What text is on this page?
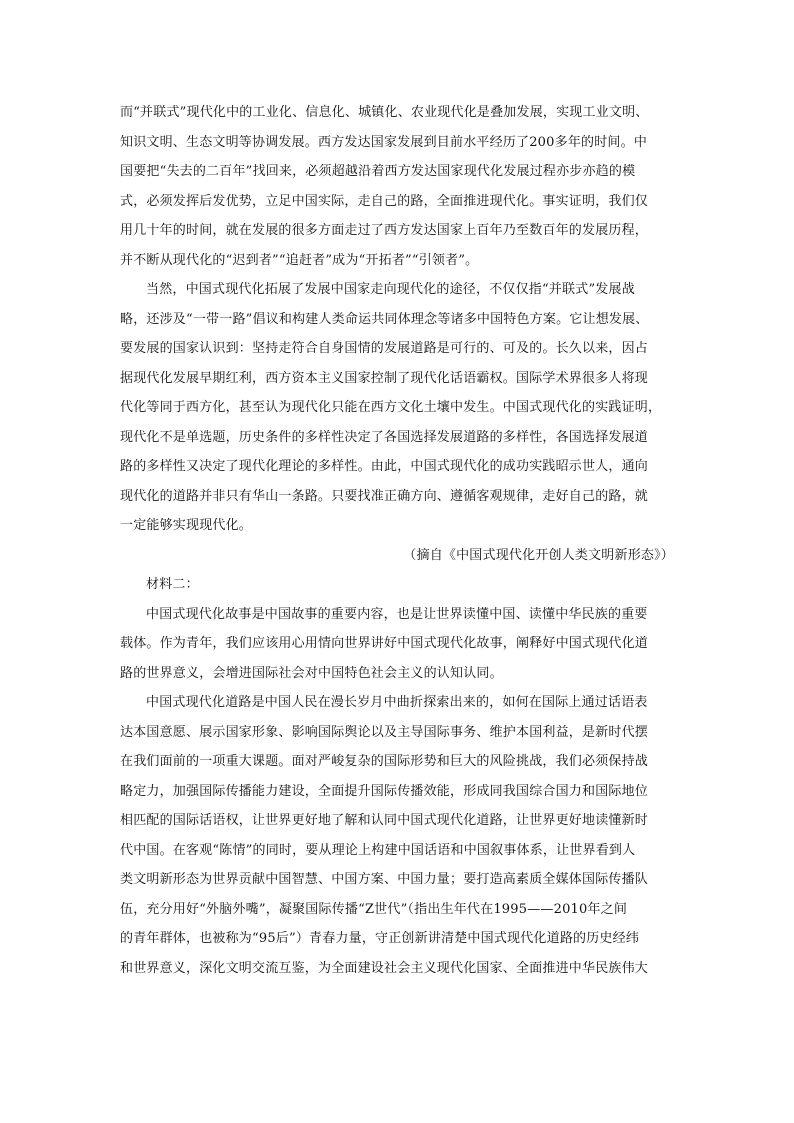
而“并联式”现代化中的工业化、信息化、城镇化、农业现代化是叠加发展，实现工业文明、
知识文明、生态文明等协调发展。西方发达国家发展到目前水平经历了200多年的时间。中
国要把“失去的二百年”找回来，必须超越沿着西方发达国家现代化发展过程亦步亦趋的模
式，必须发挥后发优势，立足中国实际，走自己的路，全面推进现代化。事实证明，我们仅
用几十年的时间，就在发展的很多方面走过了西方发达国家上百年乃至数百年的发展历程，
并不断从现代化的“迟到者”“追赶者”成为“开拓者”“引领者”。
当然，中国式现代化拓展了发展中国家走向现代化的途径，不仅仅指“并联式”发展战
略，还涉及“一带一路”倡议和构建人类命运共同体理念等诸多中国特色方案。它让想发展、
要发展的国家认识到：坚持走符合自身国情的发展道路是可行的、可及的。长久以来，因占
据现代化发展早期红利，西方资本主义国家控制了现代化话语霸权。国际学术界很多人将现
代化等同于西方化，甚至认为现代化只能在西方文化土壤中发生。中国式现代化的实践证明，
现代化不是单选题，历史条件的多样性决定了各国选择发展道路的多样性，各国选择发展道
路的多样性又决定了现代化理论的多样性。由此，中国式现代化的成功实践昭示世人，通向
现代化的道路并非只有华山一条路。只要找准正确方向、遵循客观规律，走好自己的路，就
一定能够实现现代化。
（摘自《中国式现代化开创人类文明新形态》）
材料二：
中国式现代化故事是中国故事的重要内容，也是让世界读懂中国、读懂中华民族的重要
载体。作为青年，我们应该用心用情向世界讲好中国式现代化故事，阐释好中国式现代化道
路的世界意义，会增进国际社会对中国特色社会主义的认知认同。
中国式现代化道路是中国人民在漫长岁月中曲折探索出来的，如何在国际上通过话语表
达本国意愿、展示国家形象、影响国际舆论以及主导国际事务、维护本国利益，是新时代摆
在我们面前的一项重大课题。面对严峻复杂的国际形势和巨大的风险挑战，我们必须保持战
略定力，加强国际传播能力建设，全面提升国际传播效能，形成同我国综合国力和国际地位
相匹配的国际话语权，让世界更好地了解和认同中国式现代化道路，让世界更好地读懂新时
代中国。在客观“陈情”的同时，要从理论上构建中国话语和中国叙事体系，让世界看到人
类文明新形态为世界贡献中国智慧、中国方案、中国力量；要打造高素质全媒体国际传播队
伍，充分用好“外脑外嘴”，凝聚国际传播“Z世代”（指出生年代在1995——2010年之间
的青年群体，也被称为“95后”）青春力量，守正创新讲清楚中国式现代化道路的历史经纬
和世界意义，深化文明交流互鉴，为全面建设社会主义现代化国家、全面推进中华民族伟大
